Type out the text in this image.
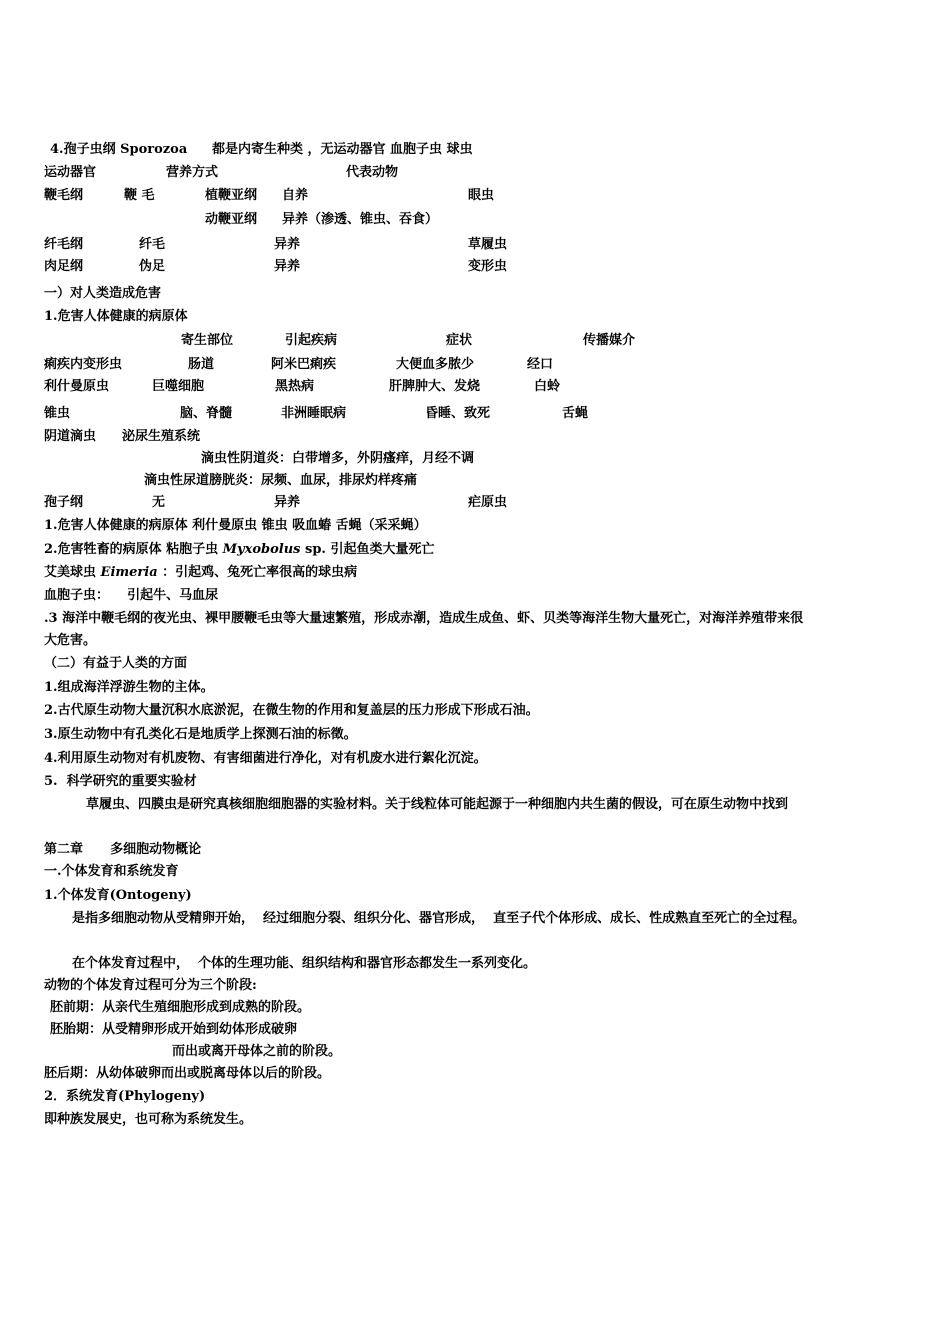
4.孢子虫纲 Sporozoa 都是内寄生种类 ，无运动器官 血胞子虫 球虫
运动器官	营养方式	代表动物
鞭毛纲	鞭 毛	植鞭亚纲 自养	眼虫
动鞭亚纲 异养（渗透、锥虫、吞食）
纤毛纲	纤毛	异养	草履虫
肉足纲	伪足	异养	变形虫
一）对人类造成危害
1.危害人体健康的病原体
寄生部位	引起疾病	症状	传播媒介
痢疾内变形虫	肠道	阿米巴痢疾	大便血多脓少	经口
利什曼原虫	巨噬细胞	黑热病	肝脾肿大、发烧	白蛉
锥虫	脑、脊髓	非洲睡眠病	昏睡、致死	舌蝇
阴道滴虫 泌尿生殖系统
滴虫性阴道炎：白带增多，外阴瘙痒，月经不调
滴虫性尿道膀胱炎：尿频、血尿，排尿灼样疼痛
孢子纲	无	异养	疟原虫
1.危害人体健康的病原体 利什曼原虫 锥虫 吸血蝽 舌蝇（采采蝇）
2.危害牲畜的病原体 粘胞子虫 Myxobolus sp. 引起鱼类大量死亡
艾美球虫 Eimeria ：引起鸡、兔死亡率很高的球虫病
血胞子虫：    引起牛、马血尿
.3 海洋中鞭毛纲的夜光虫、裸甲腰鞭毛虫等大量速繁殖，形成赤潮，造成生成鱼、虾、贝类等海洋生物大量死亡，对海洋养殖带来很大危害。
（二）有益于人类的方面
1.组成海洋浮游生物的主体。
2.古代原生动物大量沉积水底淤泥，在微生物的作用和复盖层的压力形成下形成石油。
3.原生动物中有孔类化石是地质学上探测石油的标徵。
4.利用原生动物对有机废物、有害细菌进行净化，对有机废水进行絮化沉淀。
5.  科学研究的重要实验材
草履虫、四膜虫是研究真核细胞细胞器的实验材料。关于线粒体可能起源于一种细胞内共生菌的假设，可在原生动物中找到
第二章      多细胞动物概论
一.个体发育和系统发育
1.个体发育(Ontogeny)
是指多细胞动物从受精卵开始，  经过细胞分裂、组织分化、器官形成，  直至子代个体形成、成长、性成熟直至死亡的全过程。
在个体发育过程中，  个体的生理功能、组织结构和器官形态都发生一系列变化。
动物的个体发育过程可分为三个阶段:
胚前期：从亲代生殖细胞形成到成熟的阶段。
胚胎期：从受精卵形成开始到幼体形成破卵
而出或离开母体之前的阶段。
胚后期：从幼体破卵而出或脱离母体以后的阶段。
2．系统发育(Phylogeny)
即种族发展史，也可称为系统发生。
